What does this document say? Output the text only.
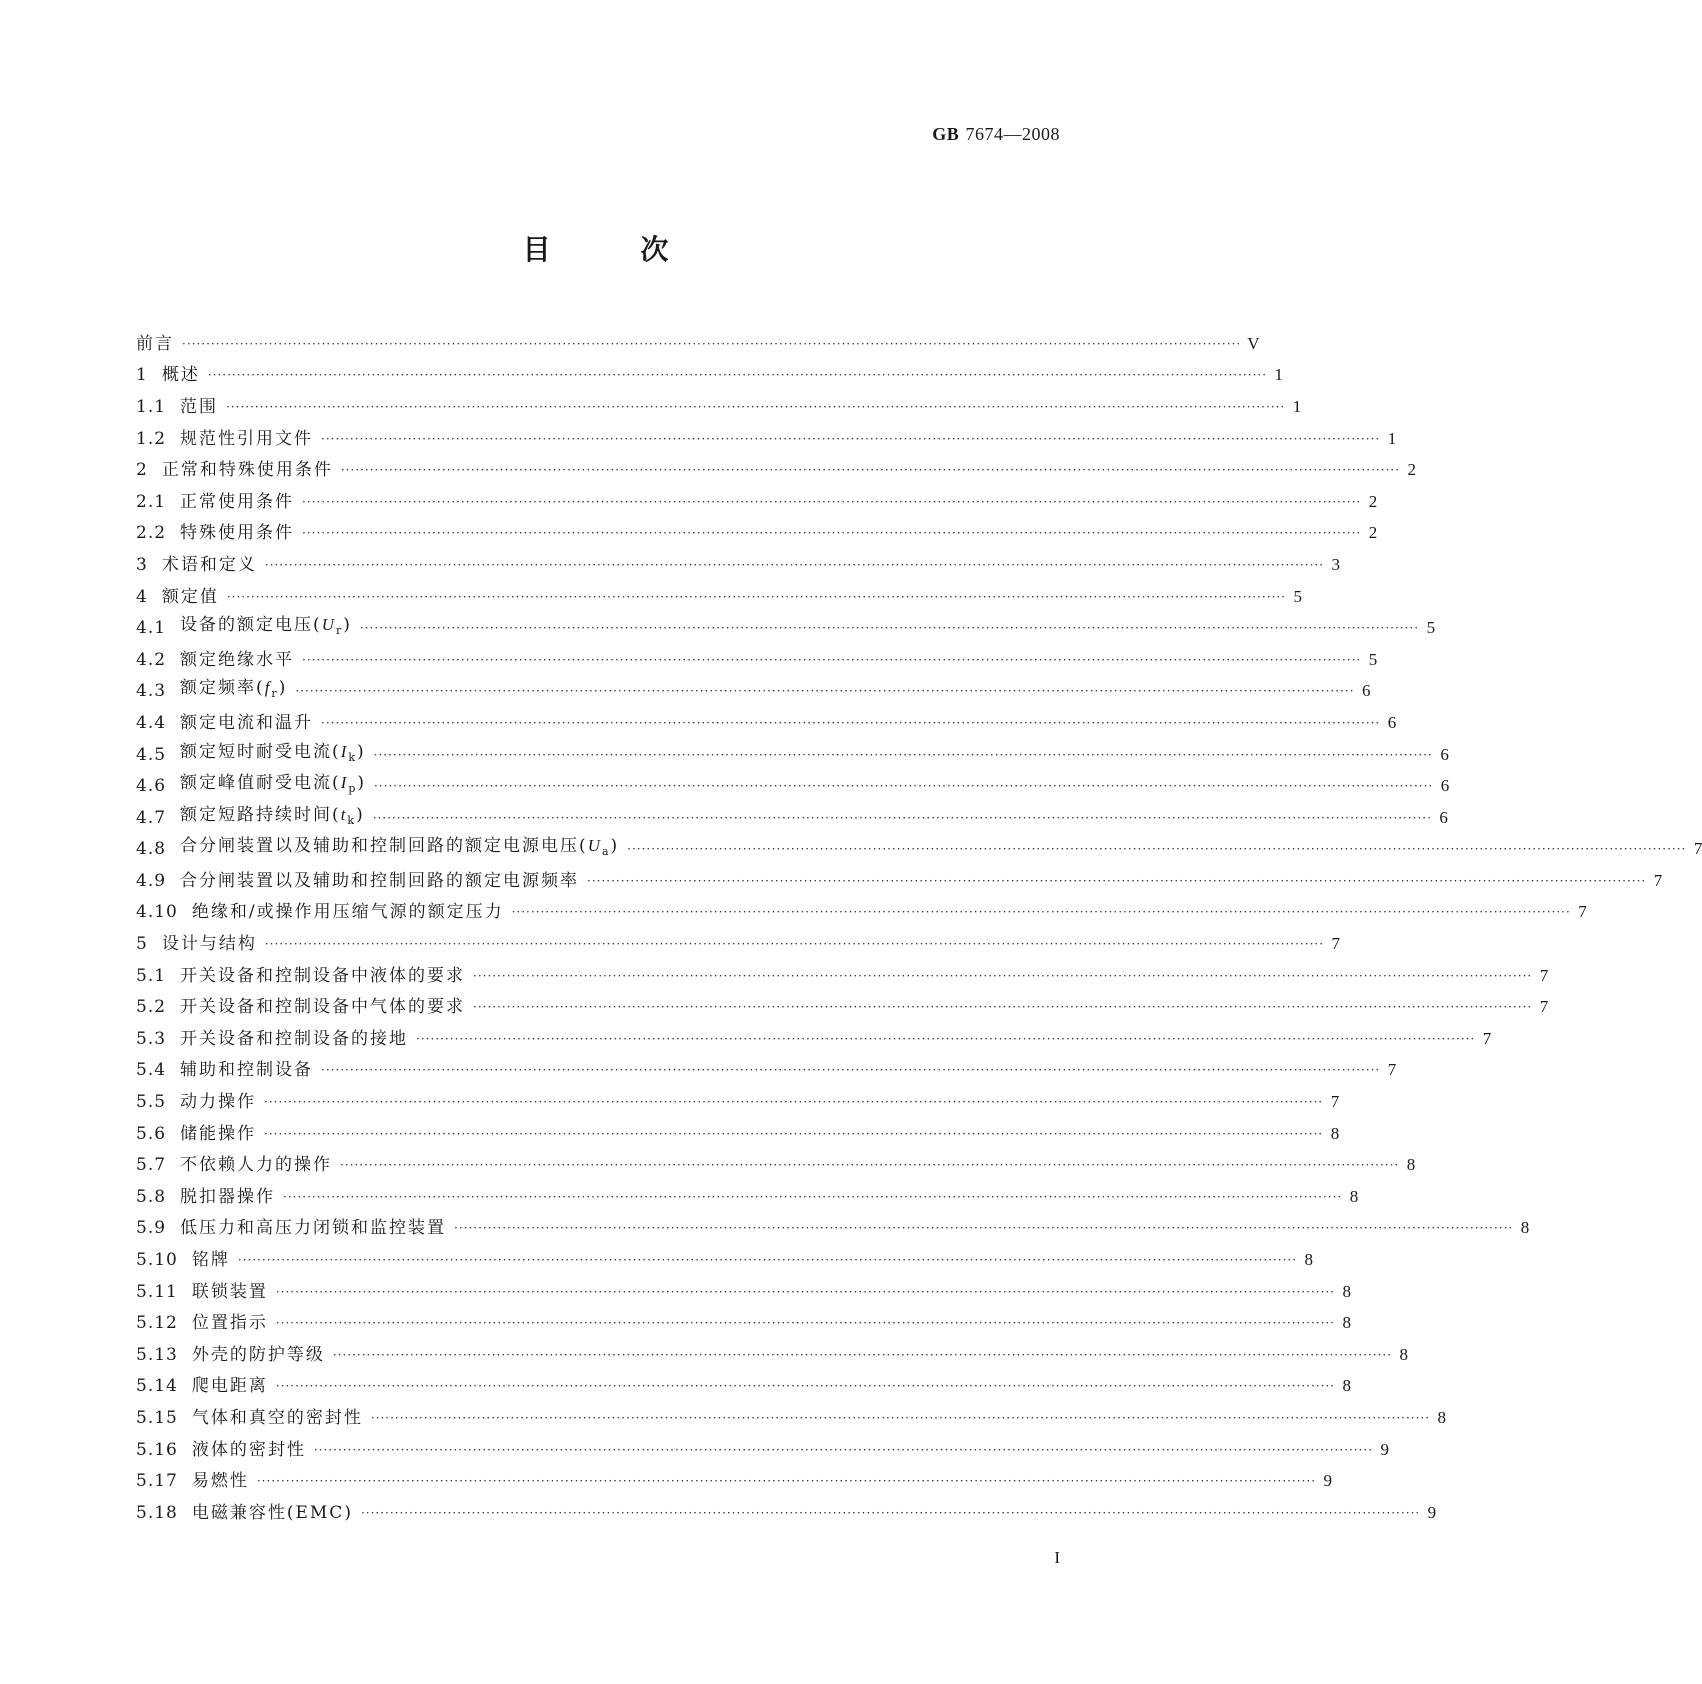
GB 7674—2008
目 次
前言 ···························································································································································································································· V
1 概述 ···························································································································································································································· 1
1.1 范围 ···························································································································································································································· 1
1.2 规范性引用文件 ···························································································································································································································· 1
2 正常和特殊使用条件 ···························································································································································································································· 2
2.1 正常使用条件 ···························································································································································································································· 2
2.2 特殊使用条件 ···························································································································································································································· 2
3 术语和定义 ···························································································································································································································· 3
4 额定值 ···························································································································································································································· 5
4.1 设备的额定电压$(U_r)$ ···························································································································································································································· 5
4.2 额定绝缘水平 ···························································································································································································································· 5
4.3 额定频率$(f_r)$ ···························································································································································································································· 6
4.4 额定电流和温升 ···························································································································································································································· 6
4.5 额定短时耐受电流$(I_k)$ ···························································································································································································································· 6
4.6 额定峰值耐受电流$(I_p)$ ···························································································································································································································· 6
4.7 额定短路持续时间$(t_k)$ ···························································································································································································································· 6
4.8 合分闸装置以及辅助和控制回路的额定电源电压$(U_a)$ ···························································································································································································································· 7
4.9 合分闸装置以及辅助和控制回路的额定电源频率 ···························································································································································································································· 7
4.10 绝缘和/或操作用压缩气源的额定压力 ···························································································································································································································· 7
5 设计与结构 ···························································································································································································································· 7
5.1 开关设备和控制设备中液体的要求 ···························································································································································································································· 7
5.2 开关设备和控制设备中气体的要求 ···························································································································································································································· 7
5.3 开关设备和控制设备的接地 ···························································································································································································································· 7
5.4 辅助和控制设备 ···························································································································································································································· 7
5.5 动力操作 ···························································································································································································································· 7
5.6 储能操作 ···························································································································································································································· 8
5.7 不依赖人力的操作 ···························································································································································································································· 8
5.8 脱扣器操作 ···························································································································································································································· 8
5.9 低压力和高压力闭锁和监控装置 ···························································································································································································································· 8
5.10 铭牌 ···························································································································································································································· 8
5.11 联锁装置 ···························································································································································································································· 8
5.12 位置指示 ···························································································································································································································· 8
5.13 外壳的防护等级 ···························································································································································································································· 8
5.14 爬电距离 ···························································································································································································································· 8
5.15 气体和真空的密封性 ···························································································································································································································· 8
5.16 液体的密封性 ···························································································································································································································· 9
5.17 易燃性 ···························································································································································································································· 9
5.18 电磁兼容性(EMC) ···························································································································································································································· 9
I
